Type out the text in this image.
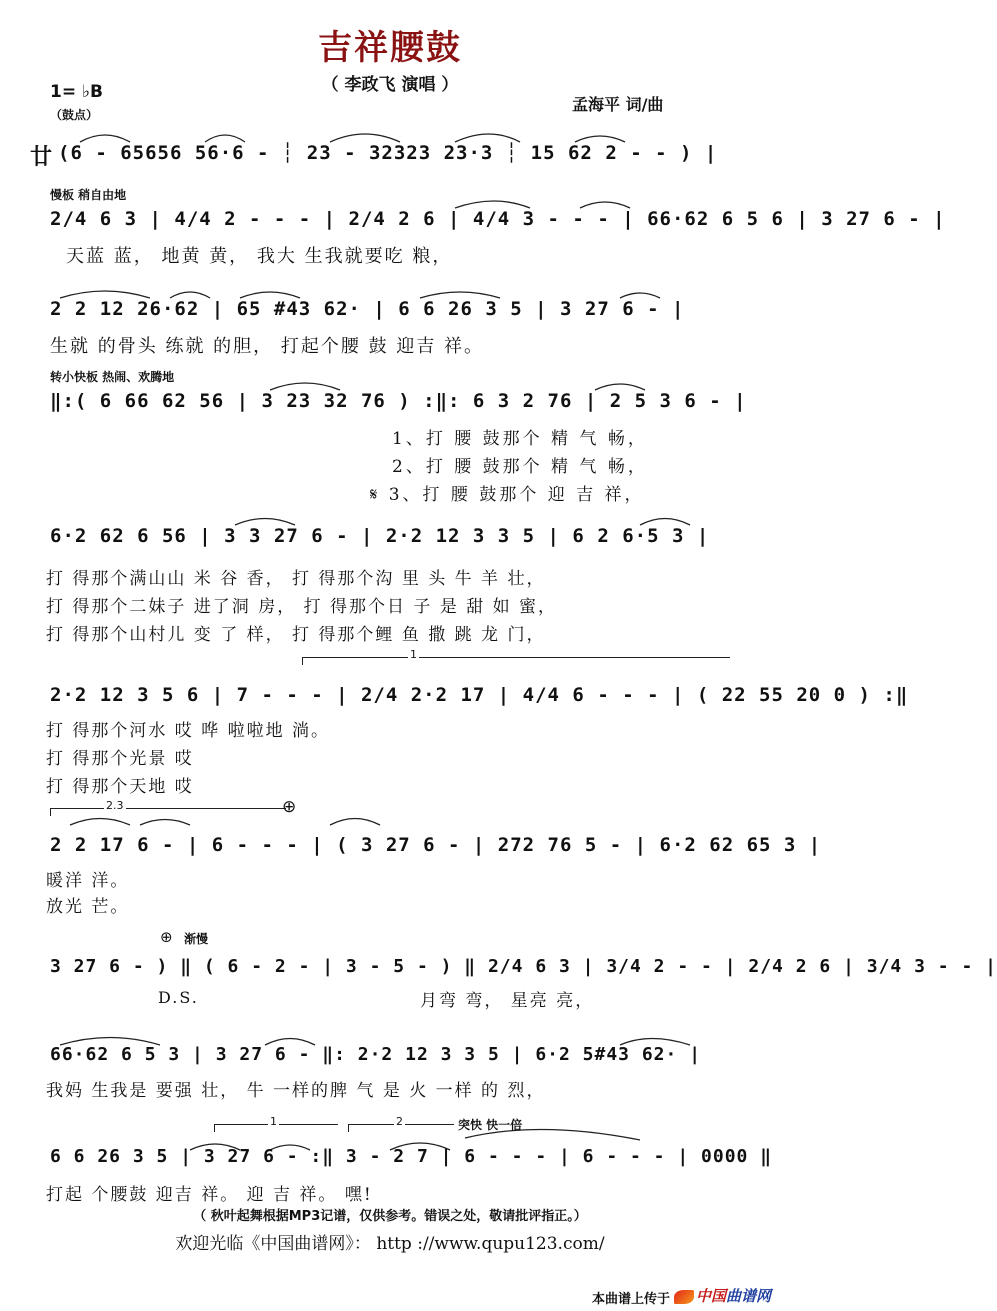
吉祥腰鼓
（ 李政飞 演唱 ）
1= ♭B
（鼓点）
孟海平 词/曲
廿 (6 - 65656 56·6 - ┆ 23 - 32323 23·3 ┆ 15 62 2 - - ) |
慢板 稍自由地
2/4 6 3 | 4/4 2 - - - | 2/4 2 6 | 4/4 3 - - - | 66·62 6 5 6 | 3 27 6 - |
天蓝 蓝， 地黄 黄， 我大 生我就要吃 粮，
2 2 12 26·62 | 65 #43 62· | 6 6 26 3 5 | 3 27 6 - |
生就 的骨头 练就 的胆， 打起个腰 鼓 迎吉 祥。
转小快板 热闹、欢腾地
‖:( 6 66 62 56 | 3 23 32 76 ) :‖: 6 3 2 76 | 2 5 3 6 - |
1、打 腰 鼓那个 精 气 畅，
2、打 腰 鼓那个 精 气 畅，
𝄋 3、打 腰 鼓那个 迎 吉 祥，
6·2 62 6 56 | 3 3 27 6 - | 2·2 12 3 3 5 | 6 2 6·5 3 |
打 得那个满山山 米 谷 香， 打 得那个沟 里 头 牛 羊 壮，
打 得那个二妹子 进了洞 房， 打 得那个日 子 是 甜 如 蜜，
打 得那个山村儿 变 了 样， 打 得那个鲤 鱼 撒 跳 龙 门，
1
2·2 12 3 5 6 | 7 - - - | 2/4 2·2 17 | 4/4 6 - - - | ( 22 55 20 0 ) :‖
打 得那个河水 哎 哗 啦啦地 淌。
打 得那个光景 哎
打 得那个天地 哎
2.3	⊕
2 2 17 6 - | 6 - - - | ( 3 27 6 - | 272 76 5 - | 6·2 62 65 3 |
暖洋 洋。
放光 芒。
⊕ 渐慢
3 27 6 - ) ‖ ( 6 - 2 - | 3 - 5 - ) ‖ 2/4 6 3 | 3/4 2 - - | 2/4 2 6 | 3/4 3 - - |
D.S.	月弯 弯， 星亮 亮，
66·62 6 5 3 | 3 27 6 - ‖: 2·2 12 3 3 5 | 6·2 5#43 62· |
我妈 生我是 要强 壮， 牛 一样的脾 气 是 火 一样 的 烈，
1	2	突快 快一倍
6 6 26 3 5 | 3 27 6 - :‖ 3 - 2 7 | 6 - - - | 6 - - - | 0000 ‖
打起 个腰鼓 迎吉 祥。 迎 吉 祥。 嘿!
（ 秋叶起舞根据MP3记谱，仅供参考。错误之处，敬请批评指正。）
欢迎光临《中国曲谱网》： http ://www.qupu123.com/
本曲谱上传于	中国曲谱网
